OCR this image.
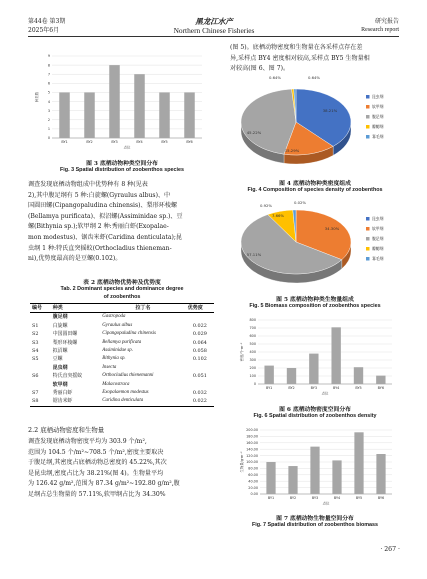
第44卷 第3期
2025年6月
黑龙江水产
Northern Chinese Fisheries
研究报告
Research report
0
1
2
3
4
5
6
7
8
9
BY1	BY2	BY3	BY4	BY5	BY6
点位
种类数
图 3 底栖动物种类空间分布
Fig. 3 Spatial distribution of zoobenthos species
调查发现底栖动物组成中优势种有 8 种(见表
2),其中腹足纲有 5 种:白旋螺(Gyraulus albus)、中
国圆田螺(Cipangopaludina chinensis)、梨形环棱螺
(Bellamya purificata)、拟沼螺(Assiminidae sp.)、豆
螺(Bithynia sp.);软甲纲 2 种:秀丽白虾(Exopalae-
mon modestus)、锯齿米虾(Caridina denticulata);昆
虫纲 1 种:特氏直突摇蚊(Orthocladius thieneman-
ni),优势度最高的是豆螺(0.102)。
表 2 底栖动物优势种及优势度
Tab. 2 Dominant species and dominance degree
of zoobenthos
编号	种类	拉丁名	优势度
	腹足纲	Gastropoda	
S1	白旋螺	Gyraulus albus	0.022
S2	中国圆田螺	Cipangopaludina chinensis	0.029
S3	梨形环棱螺	Bellamya purificata	0.064
S4	拟沼螺	Assiminidae sp.	0.058
S5	豆螺	Bithynia sp.	0.102
	昆虫纲	Insecta	
S6	特氏直突摇蚊	Orthocladius thienemanni	0.051
	软甲纲	Malacostraca	
S7	秀丽白虾	Exopalaemon modestus	0.032
S8	锯齿米虾	Caridina denticulata	0.022
2.2 底栖动物密度和生物量
调查发现底栖动物密度平均为 303.9 个/m²,
范围为 104.5 个/m²~708.5 个/m²,密度主要取决
于腹足纲,其密度占底栖动物总密度的 45.22%,其次
是昆虫纲,密度占比为 38.21%(图 4)。生物量平均
为 126.42 g/m²,范围为 87.34 g/m²~192.80 g/m²,腹
足纲占总生物量的 57.11%,软甲纲占比为 34.30%
(图 5)。底栖动物密度和生物量在各采样点存在差
异,采样点 BY4 密度相对较高,采样点 BY5 生物量相
对较高(图 6、图 7)。
0.64%	0.64%
38.21%
15.29%
45.22%
昆虫纲
软甲纲
腹足纲
瓣鳃纲
寡毛纲
图 4 底栖动物种类密度组成
Fig. 4 Composition of species density of zoobenthos
0.92%
0.02%
7.66%
34.30%
57.11%
昆虫纲
软甲纲
腹足纲
瓣鳃纲
寡毛纲
图 5 底栖动物种类生物量组成
Fig. 5 Biomass composition of zoobenthos species
0
100
200
300
400
500
600
700
800
BY1	BY2	BY3	BY4	BY5	BY6
点位
密度/个·m⁻²
图 6 底栖动物密度空间分布
Fig. 6 Spatial distribution of zoobenthos density
0.00
20.00
40.00
60.00
80.00
100.00
120.00
140.00
160.00
180.00
200.00
BY1	BY2	BY3	BY4	BY5	BY6
点位
生物量/g·m⁻²
图 7 底栖动物生物量空间分布
Fig. 7 Spatial distribution of zoobenthos biomass
· 267 ·
